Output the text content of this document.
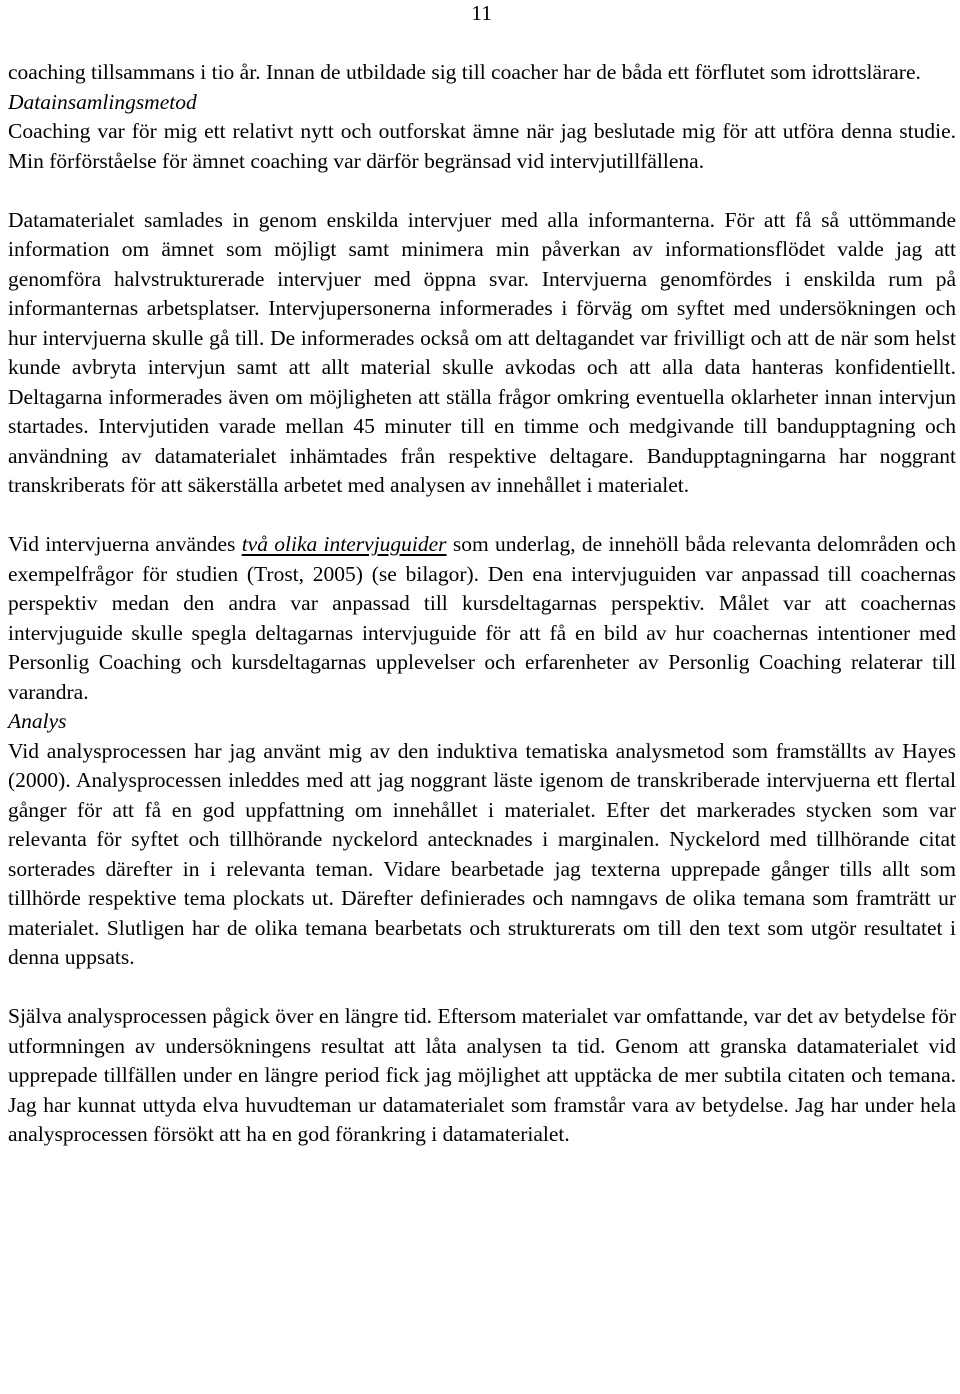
11

coaching tillsammans i tio år. Innan de utbildade sig till coacher har de båda ett förflutet som idrottslärare.

Datainsamlingsmetod

Coaching var för mig ett relativt nytt och outforskat ämne när jag beslutade mig för att utföra denna studie. Min förförståelse för ämnet coaching var därför begränsad vid intervjutillfällena.

Datamaterialet samlades in genom enskilda intervjuer med alla informanterna. För att få så uttömmande information om ämnet som möjligt samt minimera min påverkan av informationsflödet valde jag att genomföra halvstrukturerade intervjuer med öppna svar. Intervjuerna genomfördes i enskilda rum på informanternas arbetsplatser. Intervjupersonerna informerades i förväg om syftet med undersökningen och hur intervjuerna skulle gå till. De informerades också om att deltagandet var frivilligt och att de när som helst kunde avbryta intervjun samt att allt material skulle avkodas och att alla data hanteras konfidentiellt. Deltagarna informerades även om möjligheten att ställa frågor omkring eventuella oklarheter innan intervjun startades. Intervjutiden varade mellan 45 minuter till en timme och medgivande till bandupptagning och användning av datamaterialet inhämtades från respektive deltagare. Bandupptagningarna har noggrant transkriberats för att säkerställa arbetet med analysen av innehållet i materialet.

Vid intervjuerna användes två olika intervjuguider som underlag, de innehöll båda relevanta delområden och exempelfrågor för studien (Trost, 2005) (se bilagor). Den ena intervjuguiden var anpassad till coachernas perspektiv medan den andra var anpassad till kursdeltagarnas perspektiv. Målet var att coachernas intervjuguide skulle spegla deltagarnas intervjuguide för att få en bild av hur coachernas intentioner med Personlig Coaching och kursdeltagarnas upplevelser och erfarenheter av Personlig Coaching relaterar till varandra.

Analys

Vid analysprocessen har jag använt mig av den induktiva tematiska analysmetod som framställts av Hayes (2000). Analysprocessen inleddes med att jag noggrant läste igenom de transkriberade intervjuerna ett flertal gånger för att få en god uppfattning om innehållet i materialet. Efter det markerades stycken som var relevanta för syftet och tillhörande nyckelord antecknades i marginalen. Nyckelord med tillhörande citat sorterades därefter in i relevanta teman. Vidare bearbetade jag texterna upprepade gånger tills allt som tillhörde respektive tema plockats ut. Därefter definierades och namngavs de olika temana som framträtt ur materialet. Slutligen har de olika temana bearbetats och strukturerats om till den text som utgör resultatet i denna uppsats.

Själva analysprocessen pågick över en längre tid. Eftersom materialet var omfattande, var det av betydelse för utformningen av undersökningens resultat att låta analysen ta tid. Genom att granska datamaterialet vid upprepade tillfällen under en längre period fick jag möjlighet att upptäcka de mer subtila citaten och temana. Jag har kunnat uttyda elva huvudteman ur datamaterialet som framstår vara av betydelse. Jag har under hela analysprocessen försökt att ha en god förankring i datamaterialet.
